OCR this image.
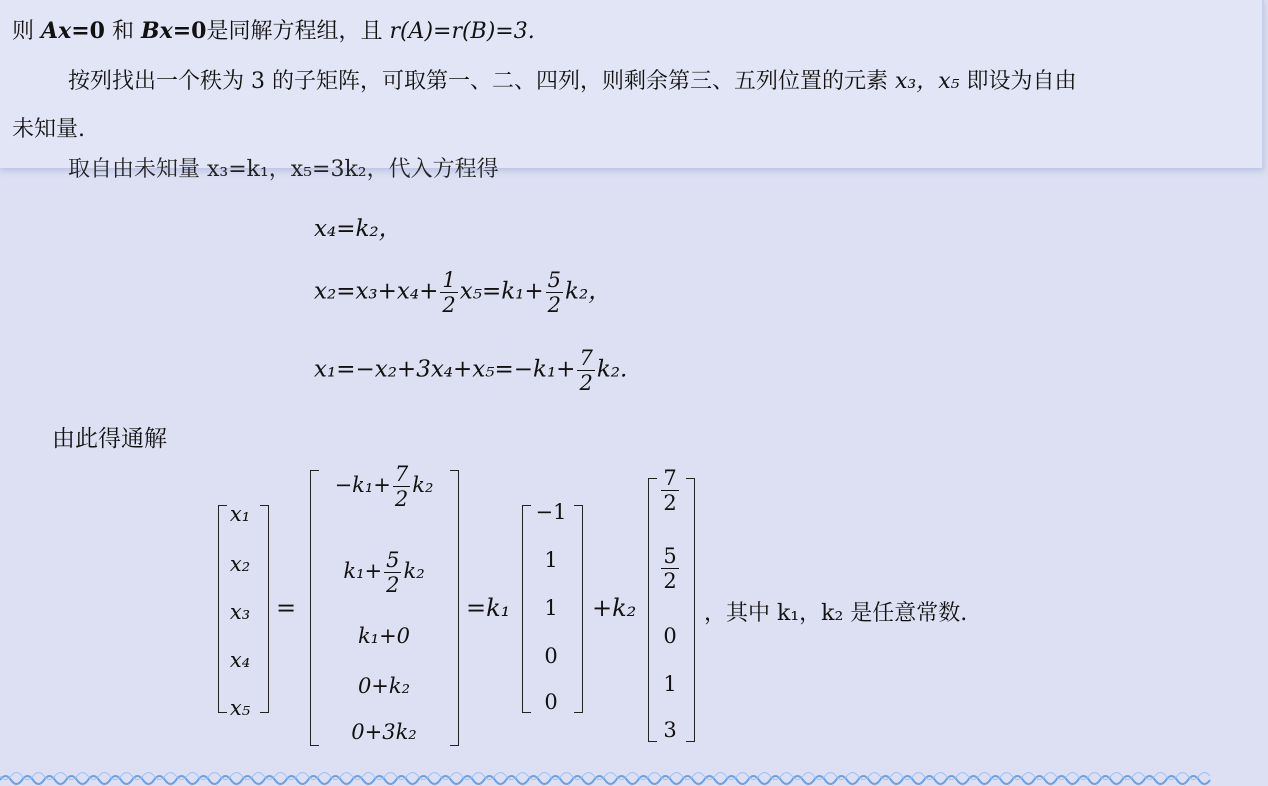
则 Ax=0 和 Bx=0是同解方程组，且 r(A)=r(B)=3.
按列找出一个秩为 3 的子矩阵，可取第一、二、四列，则剩余第三、五列位置的元素 x₃，x₅ 即设为自由
未知量.
取自由未知量 x₃=k₁，x₅=3k₂，代入方程得
x₄=k₂，
$x_2=x_3+x_4+ \frac{1}{2} x_5=k_1+ \frac{5}{2} k_2$，
$x_1=-x_2+3x_4+x_5=-k_1+ \frac{7}{2} k_2$.
由此得通解
x₁
x₂
x₃
x₄
x₅
=
$-k_1+ \frac{7}{2} k_2$
$k_1+ \frac{5}{2} k_2$
k₁+0
0+k₂
0+3k₂
=k₁
−1
1
1
0
0
+k₂
$\frac{7}{2}$
$\frac{5}{2}$
0
1
3
，其中 k₁，k₂ 是任意常数.
